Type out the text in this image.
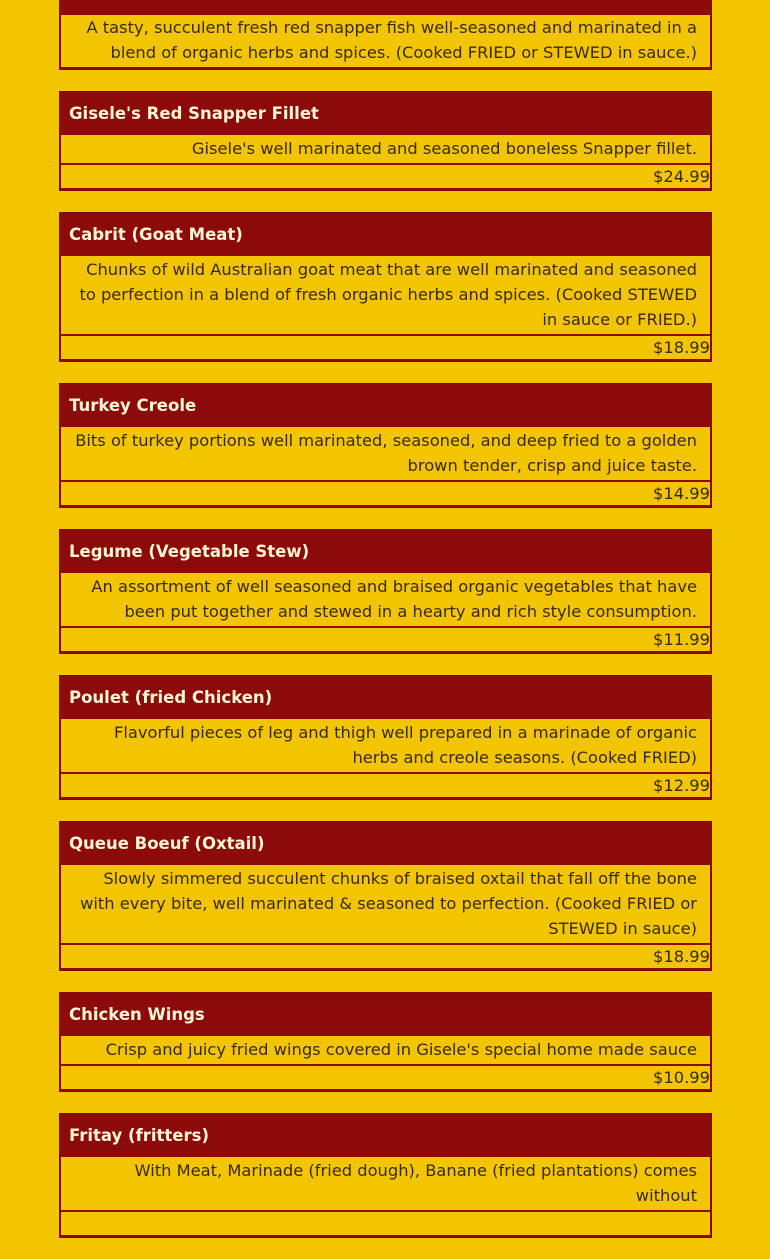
A tasty, succulent fresh red snapper fish well-seasoned and marinated in a blend of organic herbs and spices. (Cooked FRIED or STEWED in sauce.)
Gisele's Red Snapper Fillet
Gisele's well marinated and seasoned boneless Snapper fillet.
$24.99
Cabrit (Goat Meat)
Chunks of wild Australian goat meat that are well marinated and seasoned to perfection in a blend of fresh organic herbs and spices. (Cooked STEWED in sauce or FRIED.)
$18.99
Turkey Creole
Bits of turkey portions well marinated, seasoned, and deep fried to a golden brown tender, crisp and juice taste.
$14.99
Legume (Vegetable Stew)
An assortment of well seasoned and braised organic vegetables that have been put together and stewed in a hearty and rich style consumption.
$11.99
Poulet (fried Chicken)
Flavorful pieces of leg and thigh well prepared in a marinade of organic herbs and creole seasons. (Cooked FRIED)
$12.99
Queue Boeuf (Oxtail)
Slowly simmered succulent chunks of braised oxtail that fall off the bone with every bite, well marinated & seasoned to perfection. (Cooked FRIED or STEWED in sauce)
$18.99
Chicken Wings
Crisp and juicy fried wings covered in Gisele's special home made sauce
$10.99
Fritay (fritters)
With Meat, Marinade (fried dough), Banane (fried plantations) comes without
